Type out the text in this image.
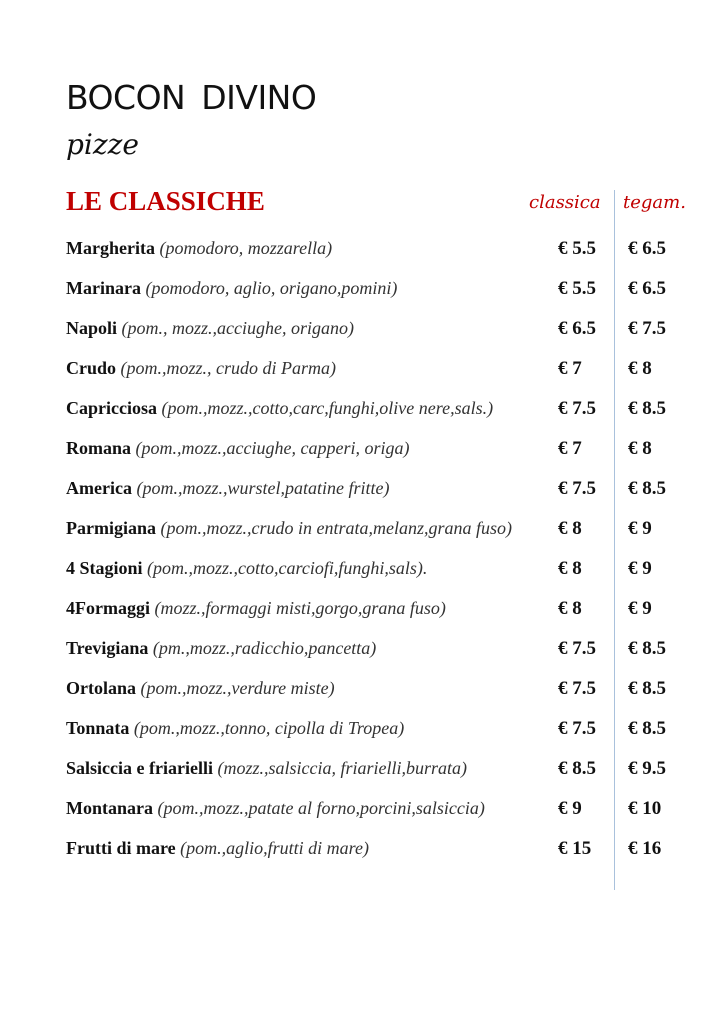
BOCON DIVINO
pizze
LE CLASSICHE	classica tegam.
Margherita (pomodoro, mozzarella)	€ 5.5 € 6.5
Marinara (pomodoro, aglio, origano,pomini)	€ 5.5 € 6.5
Napoli (pom., mozz.,acciughe, origano)	€ 6.5 € 7.5
Crudo (pom.,mozz., crudo di Parma)	€ 7 € 8
Capricciosa (pom.,mozz.,cotto,carc,funghi,olive nere,sals.)	€ 7.5 € 8.5
Romana (pom.,mozz.,acciughe, capperi, origa)	€ 7 € 8
America (pom.,mozz.,wurstel,patatine fritte)	€ 7.5 € 8.5
Parmigiana (pom.,mozz.,crudo in entrata,melanz,grana fuso) € 8 € 9
4 Stagioni (pom.,mozz.,cotto,carciofi,funghi,sals).	€ 8 € 9
4Formaggi (mozz.,formaggi misti,gorgo,grana fuso)	€ 8 € 9
Trevigiana (pm.,mozz.,radicchio,pancetta)	€ 7.5 € 8.5
Ortolana (pom.,mozz.,verdure miste)	€ 7.5 € 8.5
Tonnata (pom.,mozz.,tonno, cipolla di Tropea)	€ 7.5 € 8.5
Salsiccia e friarielli (mozz.,salsiccia, friarielli,burrata)	€ 8.5 € 9.5
Montanara (pom.,mozz.,patate al forno,porcini,salsiccia)	€ 9 € 10
Frutti di mare (pom.,aglio,frutti di mare)	€ 15 € 16
